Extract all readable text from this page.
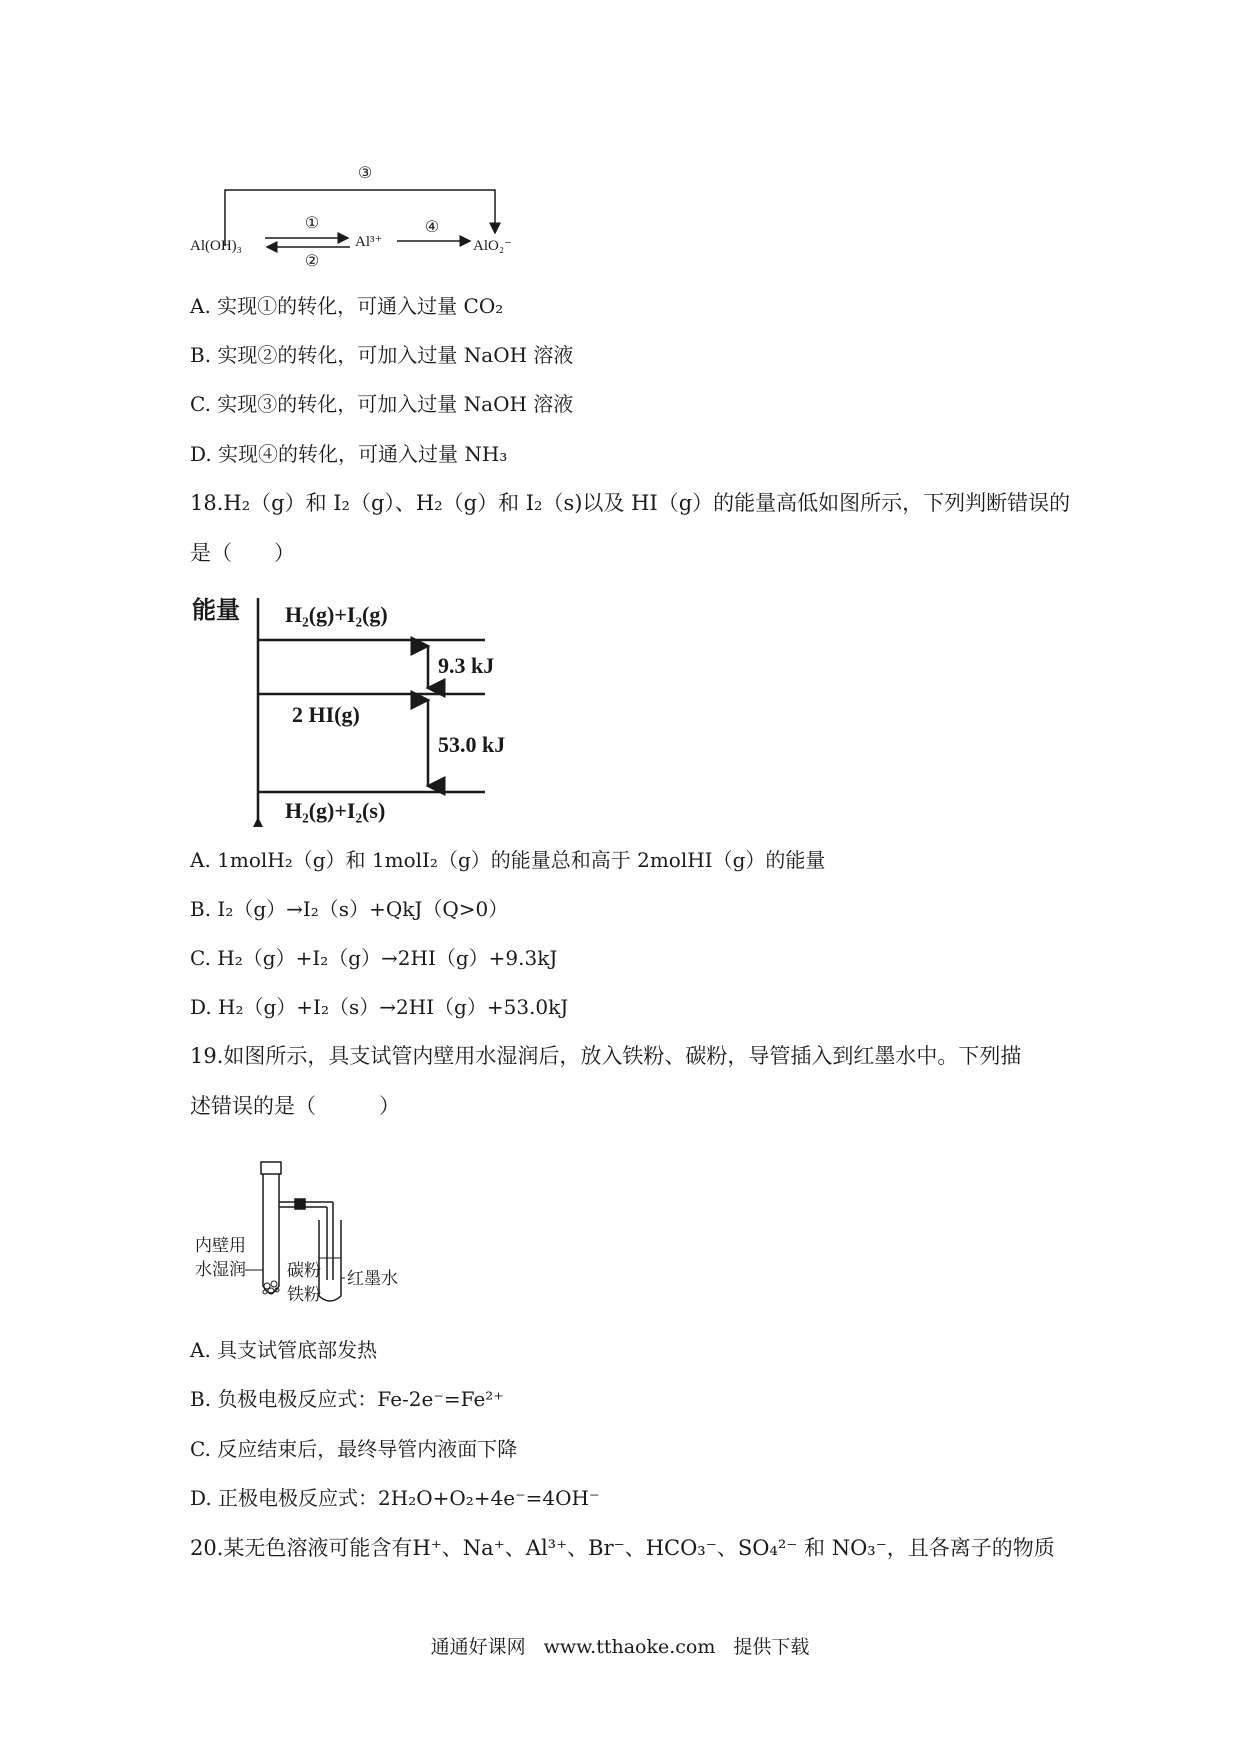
③
Al(OH)₃
①
②
Al³⁺
④
AlO₂⁻
A. 实现①的转化，可通入过量 CO₂
B. 实现②的转化，可加入过量 NaOH 溶液
C. 实现③的转化，可加入过量 NaOH 溶液
D. 实现④的转化，可通入过量 NH₃
18.H₂（g）和 I₂（g）、H₂（g）和 I₂（s)以及 HI（g）的能量高低如图所示，下列判断错误的
是（　　）
能量 H₂(g)+I₂(g)
9.3 kJ
2 HI(g)
53.0 kJ
H₂(g)+I₂(s)
A. 1molH₂（g）和 1molI₂（g）的能量总和高于 2molHI（g）的能量
B. I₂（g）→I₂（s）+QkJ（Q>0）
C. H₂（g）+I₂（g）→2HI（g）+9.3kJ
D. H₂（g）+I₂（s）→2HI（g）+53.0kJ
19.如图所示，具支试管内壁用水湿润后，放入铁粉、碳粉，导管插入到红墨水中。下列描
述错误的是（　　　）
内壁用
水湿润 碳粉
铁粉
红墨水
A. 具支试管底部发热
B. 负极电极反应式：Fe-2e⁻=Fe²⁺
C. 反应结束后，最终导管内液面下降
D. 正极电极反应式：2H₂O+O₂+4e⁻=4OH⁻
20.某无色溶液可能含有H⁺、Na⁺、Al³⁺、Br⁻、HCO₃⁻、SO₄²⁻ 和 NO₃⁻，且各离子的物质
通通好课网 www.tthaoke.com 提供下载
